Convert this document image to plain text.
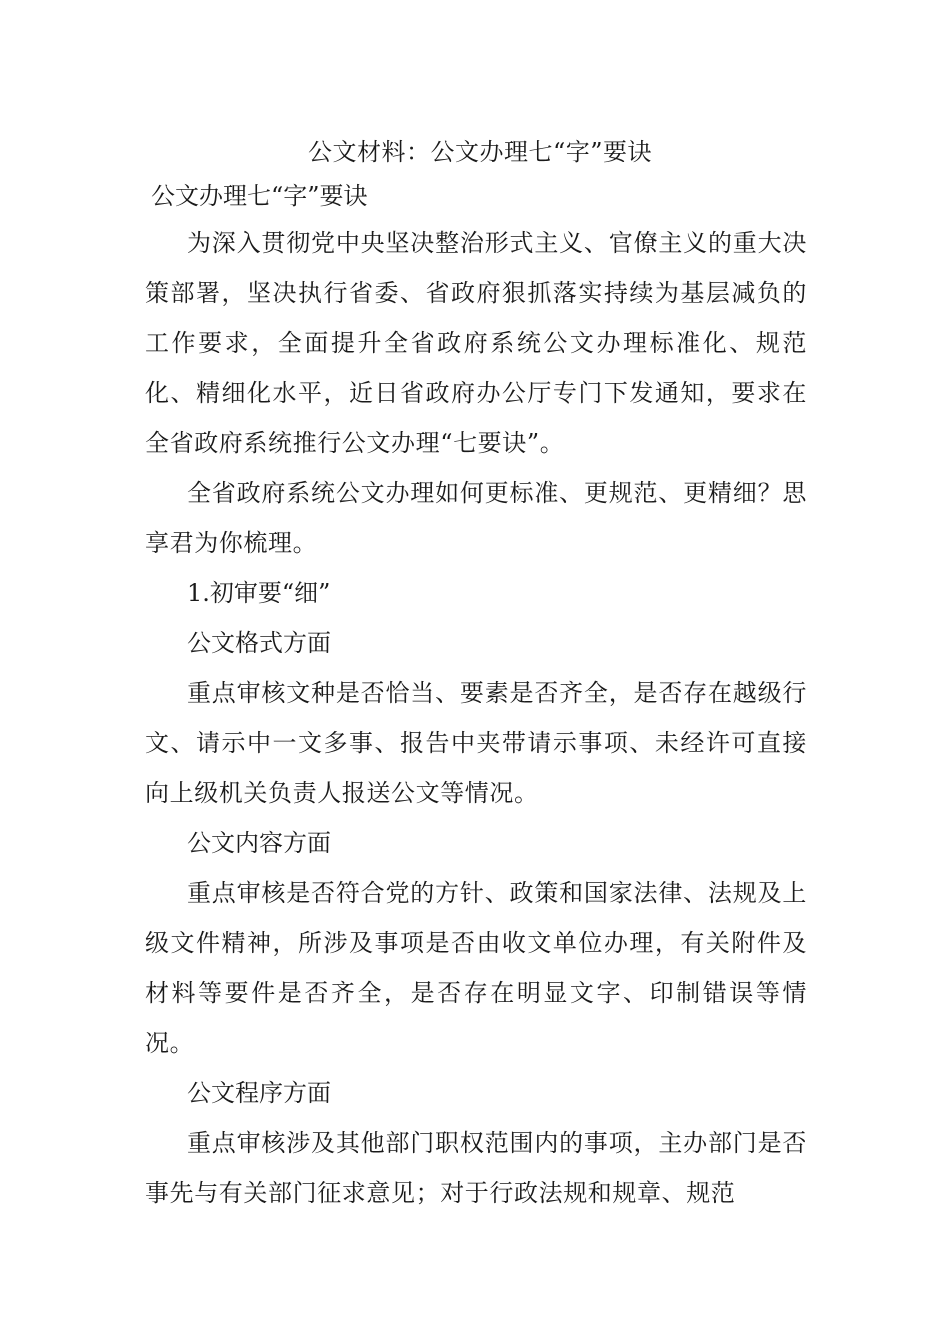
公文材料：公文办理七“字”要诀

公文办理七“字”要诀

为深入贯彻党中央坚决整治形式主义、官僚主义的重大决策部署，坚决执行省委、省政府狠抓落实持续为基层减负的工作要求，全面提升全省政府系统公文办理标准化、规范化、精细化水平，近日省政府办公厅专门下发通知，要求在全省政府系统推行公文办理“七要诀”。

全省政府系统公文办理如何更标准、更规范、更精细？思享君为你梳理。

1.初审要“细”

公文格式方面

重点审核文种是否恰当、要素是否齐全，是否存在越级行文、请示中一文多事、报告中夹带请示事项、未经许可直接向上级机关负责人报送公文等情况。

公文内容方面

重点审核是否符合党的方针、政策和国家法律、法规及上级文件精神，所涉及事项是否由收文单位办理，有关附件及材料等要件是否齐全，是否存在明显文字、印制错误等情况。

公文程序方面

重点审核涉及其他部门职权范围内的事项，主办部门是否事先与有关部门征求意见；对于行政法规和规章、规范
